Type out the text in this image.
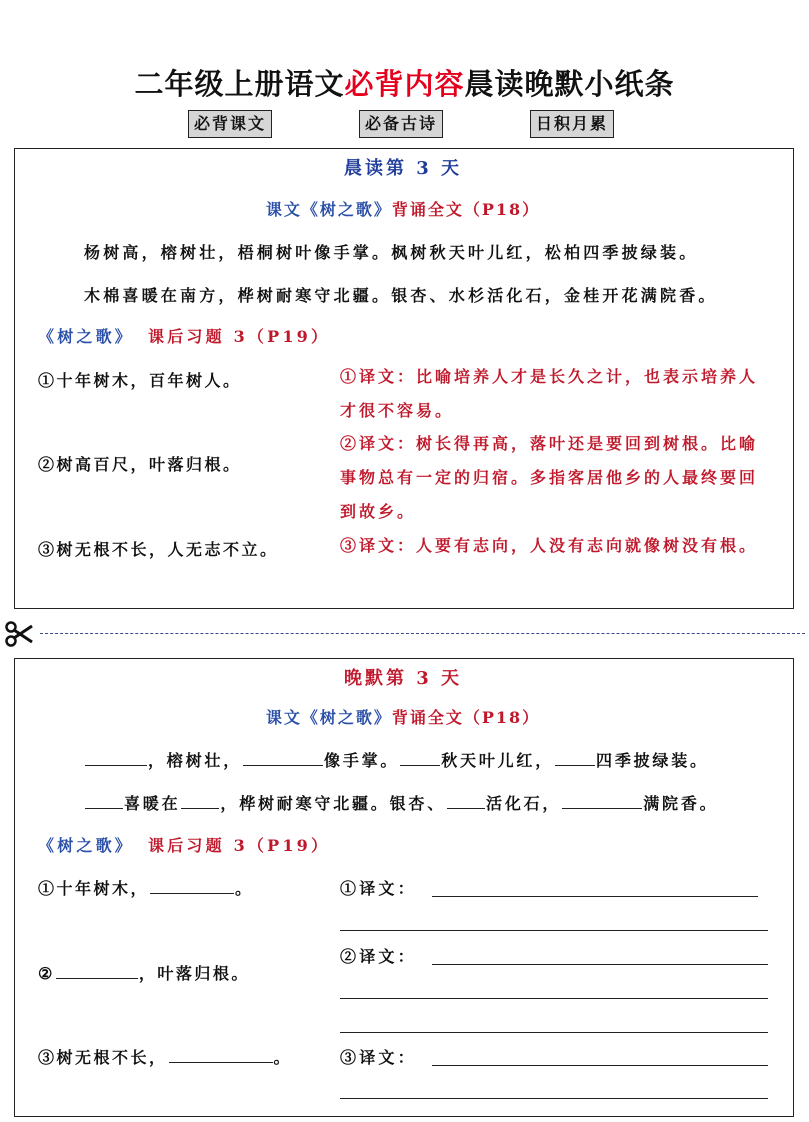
二年级上册语文必背内容晨读晚默小纸条
必背课文	必备古诗	日积月累
晨读第 3 天
课文《树之歌》背诵全文（P18）
杨树高，榕树壮，梧桐树叶像手掌。枫树秋天叶儿红，松柏四季披绿装。
木棉喜暖在南方，桦树耐寒守北疆。银杏、水杉活化石，金桂开花满院香。
《树之歌》 课后习题 3（P19）
①十年树木，百年树人。	①译文：比喻培养人才是长久之计，也表示培养人才很不容易。
②树高百尺，叶落归根。
②译文：树长得再高，落叶还是要回到树根。比喻事物总有一定的归宿。多指客居他乡的人最终要回到故乡。
③树无根不长，人无志不立。	③译文：人要有志向，人没有志向就像树没有根。
晚默第 3 天
课文《树之歌》背诵全文（P18）
，榕树壮，	像手掌。	秋天叶儿红，	四季披绿装。
喜暖在	，桦树耐寒守北疆。银杏、	活化石，	满院香。
《树之歌》 课后习题 3（P19）
①十年树木，	。	①译文：
②	，叶落归根。
②译文：
③树无根不长，	。	③译文：
